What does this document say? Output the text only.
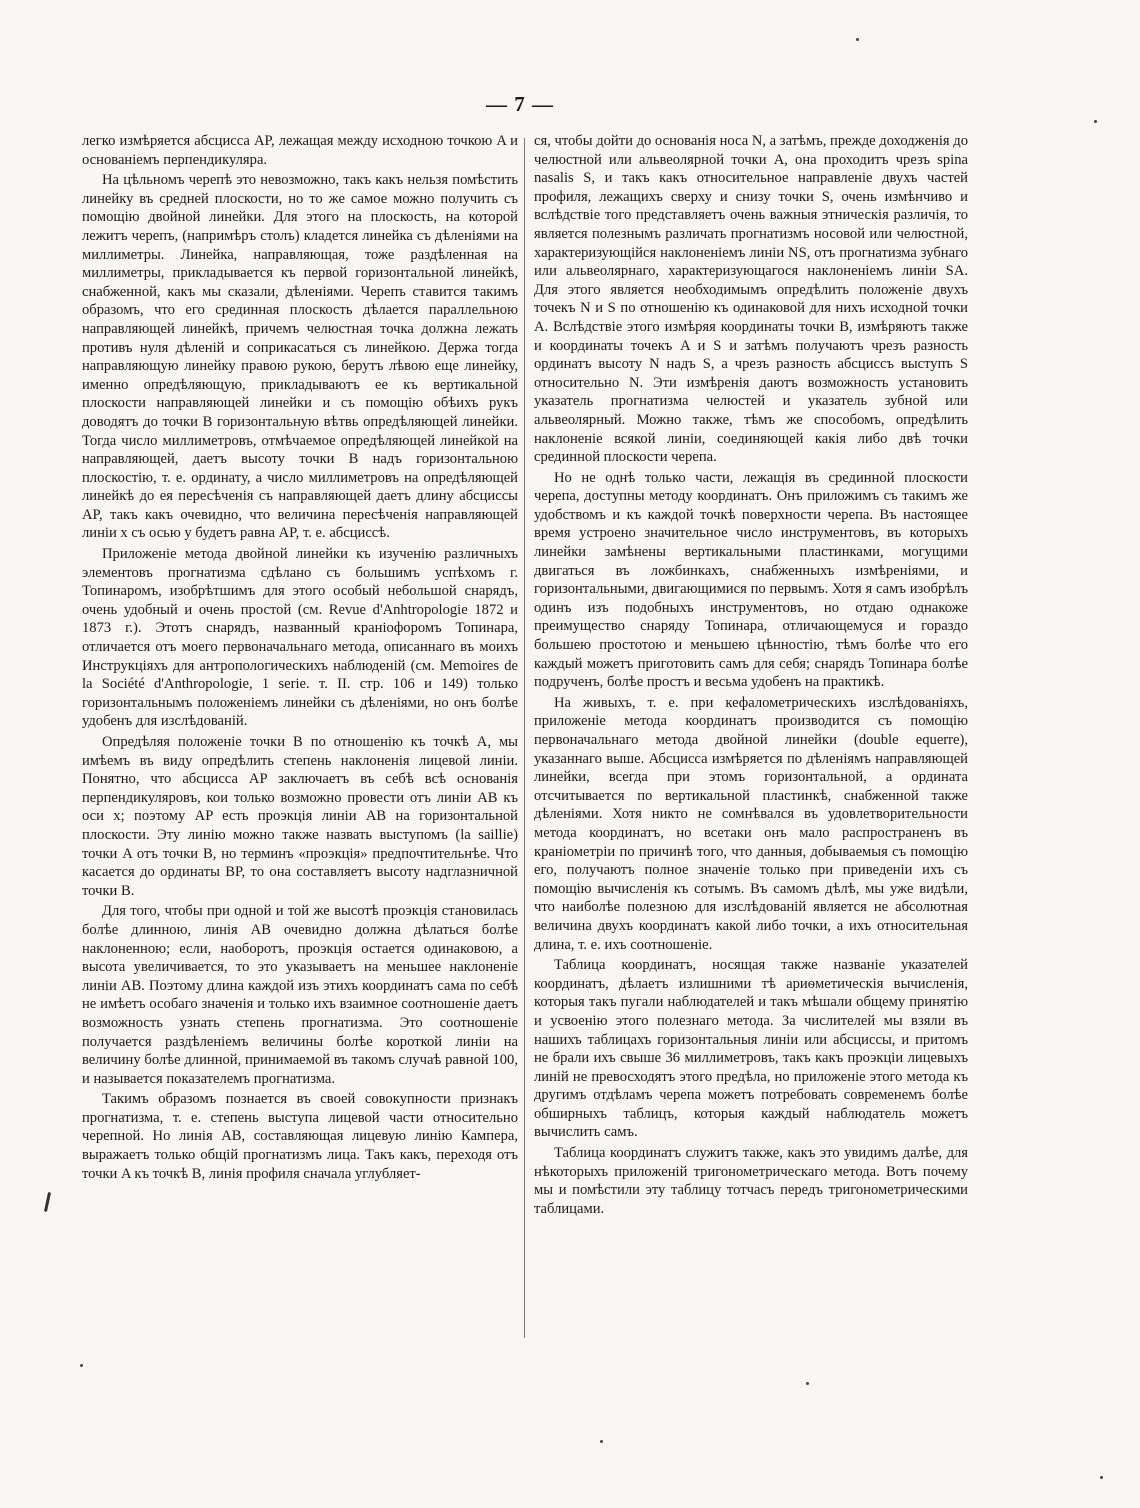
— 7 —

легко измѣряется абсцисса AP, лежащая между исходною точкою A и основаніемъ перпендикуляра.

На цѣльномъ черепѣ это невозможно, такъ какъ нельзя помѣстить линейку въ средней плоскости, но то же самое можно получить съ помощію двойной линейки. Для этого на плоскость, на которой лежитъ черепъ, (напримѣръ столъ) кладется линейка съ дѣленіями на миллиметры. Линейка, направляющая, тоже раздѣленная на миллиметры, прикладывается къ первой горизонтальной линейкѣ, снабженной, какъ мы сказали, дѣленіями. Черепъ ставится такимъ образомъ, что его срединная плоскость дѣлается параллельною направляющей линейкѣ, причемъ челюстная точка должна лежать противъ нуля дѣленій и соприкасаться съ линейкою. Держа тогда направляющую линейку правою рукою, берутъ лѣвою еще линейку, именно опредѣляющую, прикладываютъ ее къ вертикальной плоскости направляющей линейки и съ помощію обѣихъ рукъ доводятъ до точки B горизонтальную вѣтвь опредѣляющей линейки. Тогда число миллиметровъ, отмѣчаемое опредѣляющей линейкой на направляющей, даетъ высоту точки B надъ горизонтальною плоскостію, т. е. ординату, а число миллиметровъ на опредѣляющей линейкѣ до ея пересѣченія съ направляющей даетъ длину абсциссы AP, такъ какъ очевидно, что величина пересѣченія направляющей линіи x съ осью y будетъ равна AP, т. е. абсциссѣ.

Приложеніе метода двойной линейки къ изученію различныхъ элементовъ прогнатизма сдѣлано съ большимъ успѣхомъ г. Топинаромъ, изобрѣтшимъ для этого особый небольшой снарядъ, очень удобный и очень простой (см. Revue d'Anhtropologie 1872 и 1873 г.). Этотъ снарядъ, названный краніофоромъ Топинара, отличается отъ моего первоначальнаго метода, описаннаго въ моихъ Инструкціяхъ для антропологическихъ наблюденій (см. Memoires de la Société d'Anthropologie, 1 serie. т. II. стр. 106 и 149) только горизонтальнымъ положеніемъ линейки съ дѣленіями, но онъ болѣе удобенъ для изслѣдованій.

Опредѣляя положеніе точки B по отношенію къ точкѣ A, мы имѣемъ въ виду опредѣлить степень наклоненія лицевой линіи. Понятно, что абсцисса AP заключаетъ въ себѣ всѣ основанія перпендикуляровъ, кои только возможно провести отъ линіи AB къ оси x; поэтому AP есть проэкція линіи AB на горизонтальной плоскости. Эту линію можно также назвать выступомъ (la saillie) точки A отъ точки B, но терминъ «проэкція» предпочтительнѣе. Что касается до ординаты BP, то она составляетъ высоту надглазничной точки B.

Для того, чтобы при одной и той же высотѣ проэкція становилась болѣе длинною, линія AB очевидно должна дѣлаться болѣе наклоненною; если, наоборотъ, проэкція остается одинаковою, а высота увеличивается, то это указываетъ на меньшее наклоненіе линіи AB. Поэтому длина каждой изъ этихъ координатъ сама по себѣ не имѣетъ особаго значенія и только ихъ взаимное соотношеніе даетъ возможность узнать степень прогнатизма. Это соотношеніе получается раздѣленіемъ величины болѣе короткой линіи на величину болѣе длинной, принимаемой въ такомъ случаѣ равной 100, и называется показателемъ прогнатизма.

Такимъ образомъ познается въ своей совокупности признакъ прогнатизма, т. е. степень выступа лицевой части относительно черепной. Но линія AB, составляющая лицевую линію Кампера, выражаетъ только общій прогнатизмъ лица. Такъ какъ, переходя отъ точки A къ точкѣ B, линія профиля сначала углубляет-

ся, чтобы дойти до основанія носа N, а затѣмъ, прежде доходженія до челюстной или альвеолярной точки A, она проходитъ чрезъ spina nasalis S, и такъ какъ относительное направленіе двухъ частей профиля, лежащихъ сверху и снизу точки S, очень измѣнчиво и вслѣдствіе того представляетъ очень важныя этническія различія, то является полезнымъ различать прогнатизмъ носовой или челюстной, характеризующійся наклоненіемъ линіи NS, отъ прогнатизма зубнаго или альвеолярнаго, характеризующагося наклоненіемъ линіи SA. Для этого является необходимымъ опредѣлить положеніе двухъ точекъ N и S по отношенію къ одинаковой для нихъ исходной точки A. Вслѣдствіе этого измѣряя координаты точки B, измѣряютъ также и координаты точекъ A и S и затѣмъ получаютъ чрезъ разность ординатъ высоту N надъ S, а чрезъ разность абсциссъ выступъ S относительно N. Эти измѣренія даютъ возможность установить указатель прогнатизма челюстей и указатель зубной или альвеолярный. Можно также, тѣмъ же способомъ, опредѣлить наклоненіе всякой линіи, соединяющей какія либо двѣ точки срединной плоскости черепа.

Но не однѣ только части, лежащія въ срединной плоскости черепа, доступны методу координатъ. Онъ приложимъ съ такимъ же удобствомъ и къ каждой точкѣ поверхности черепа. Въ настоящее время устроено значительное число инструментовъ, въ которыхъ линейки замѣнены вертикальными пластинками, могущими двигаться въ ложбинкахъ, снабженныхъ измѣреніями, и горизонтальными, двигающимися по первымъ. Хотя я самъ изобрѣлъ одинъ изъ подобныхъ инструментовъ, но отдаю однакоже преимущество снаряду Топинара, отличающемуся и гораздо большею простотою и меньшею цѣнностію, тѣмъ болѣе что его каждый можетъ приготовить самъ для себя; снарядъ Топинара болѣе подрученъ, болѣе простъ и весьма удобенъ на практикѣ.

На живыхъ, т. е. при кефалометрическихъ изслѣдованіяхъ, приложеніе метода координатъ производится съ помощію первоначальнаго метода двойной линейки (double equerre), указаннаго выше. Абсцисса измѣряется по дѣленіямъ направляющей линейки, всегда при этомъ горизонтальной, а ордината отсчитывается по вертикальной пластинкѣ, снабженной также дѣленіями. Хотя никто не сомнѣвался въ удовлетворительности метода координатъ, но всетаки онъ мало распространенъ въ краніометріи по причинѣ того, что данныя, добываемыя съ помощію его, получаютъ полное значеніе только при приведеніи ихъ съ помощію вычисленія къ сотымъ. Въ самомъ дѣлѣ, мы уже видѣли, что наиболѣе полезною для изслѣдованій является не абсолютная величина двухъ координатъ какой либо точки, а ихъ относительная длина, т. е. ихъ соотношеніе.

Таблица координатъ, носящая также названіе указателей координатъ, дѣлаетъ излишними тѣ ариѳметическія вычисленія, которыя такъ пугали наблюдателей и такъ мѣшали общему принятію и усвоенію этого полезнаго метода. За числителей мы взяли въ нашихъ таблицахъ горизонтальныя линіи или абсциссы, и притомъ не брали ихъ свыше 36 миллиметровъ, такъ какъ проэкціи лицевыхъ линій не превосходятъ этого предѣла, но приложеніе этого метода къ другимъ отдѣламъ черепа можетъ потребовать современемъ болѣе обширныхъ таблицъ, которыя каждый наблюдатель можетъ вычислить самъ.

Таблица координатъ служитъ также, какъ это увидимъ далѣе, для нѣкоторыхъ приложеній тригонометрическаго метода. Вотъ почему мы и помѣстили эту таблицу тотчасъ передъ тригонометрическими таблицами.
